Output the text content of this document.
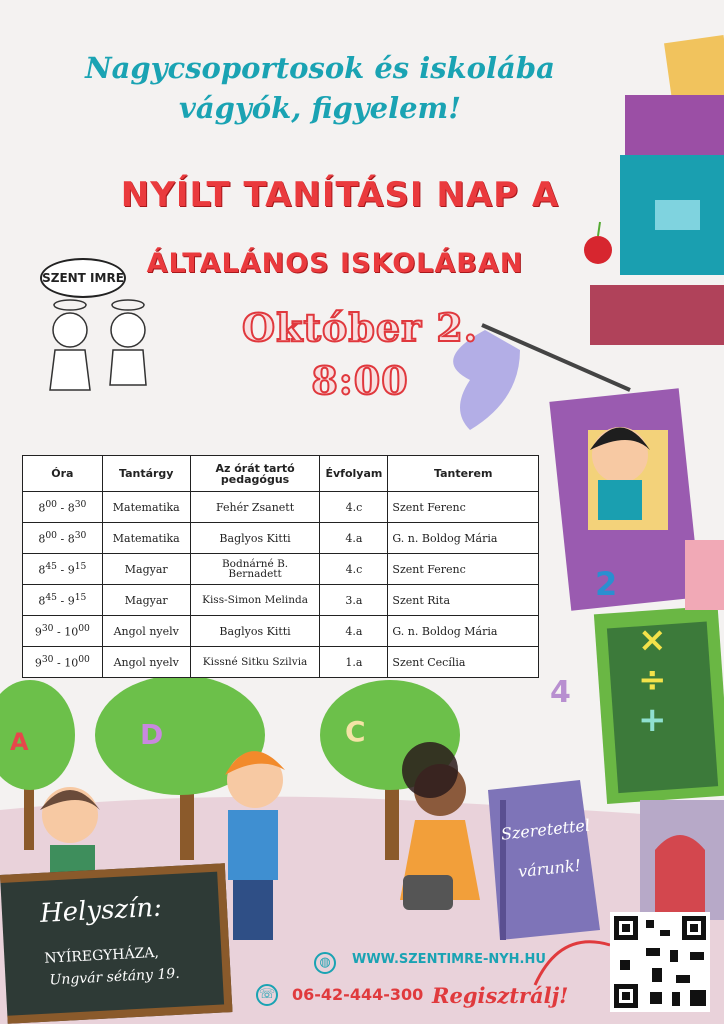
A	D	C
2
4
×
÷
+
Szeretettel
várunk!
Nagycsoportosok és iskolába
vágyók, figyelem!
NYÍLT TANÍTÁSI NAP A
ÁLTALÁNOS ISKOLÁBAN
SZENT IMRE
Október 2.
8:00
Óra	Tantárgy	Az órát tartó pedagógus	Évfolyam	Tanterem
$8^{00} - 8^{30}$	Matematika	Fehér Zsanett	4.c	Szent Ferenc
$8^{00} - 8^{30}$	Matematika	Baglyos Kitti	4.a	G. n. Boldog Mária
$8^{45} - 9^{15}$	Magyar	Bodnárné B. Bernadett	4.c	Szent Ferenc
$8^{45} - 9^{15}$	Magyar	Kiss-Simon Melinda	3.a	Szent Rita
$9^{30} - 10^{00}$	Angol nyelv	Baglyos Kitti	4.a	G. n. Boldog Mária
$9^{30} - 10^{00}$	Angol nyelv	Kissné Sitku Szilvia	1.a	Szent Cecília
Helyszín:
NYÍREGYHÁZA,
Ungvár sétány 19.
◍	WWW.SZENTIMRE-NYH.HU
☏ 06-42-444-300 Regisztrálj!
